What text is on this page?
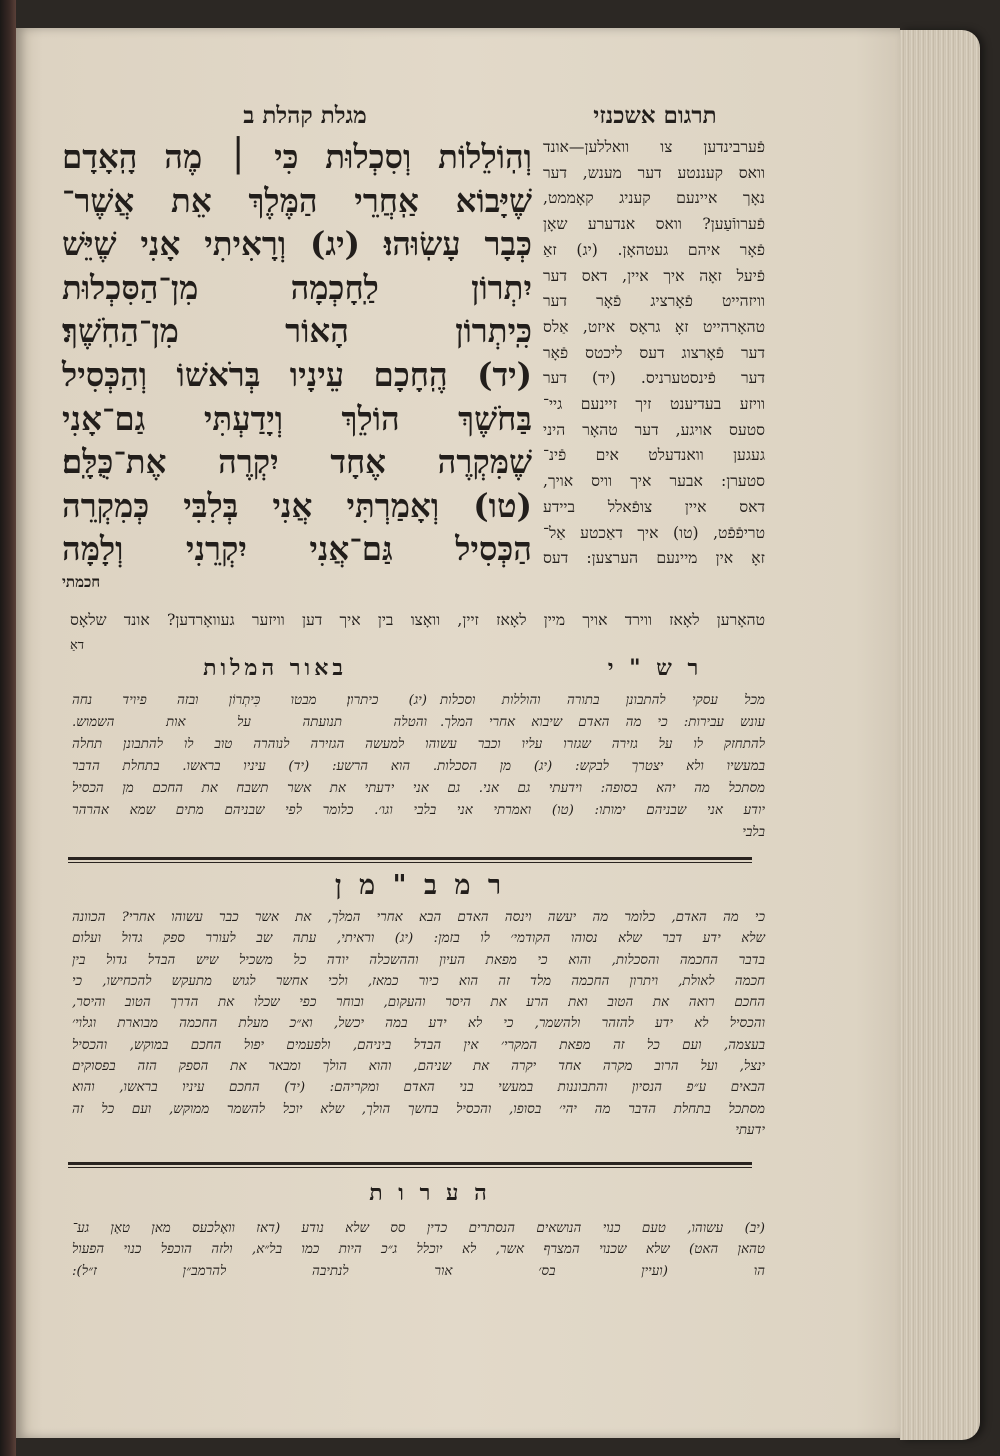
מגלת קהלת ב	תרגום אשכנזי
וְהֽוֹלֵלוֹת וְסִכְלוּת כִּי ׀ מֶה הָֽאָדָם
שֶׁיָּבוֹא אַֽחֲרֵי הַמֶּלֶךְ אֵת אֲשֶׁר־
כְּבָר עָשֽׂוּהוּ׃ (יג) וְרָאִיתִי אָנִי שֶׁיֵּשׁ
יִתְרוֹן לַֽחָכְמָה מִן־הַסִּכְלוּת
כִּֽיתְרוֹן הָאוֹר מִן־הַחֹֽשֶׁךְ׃
(יד) הֶֽחָכָם עֵינָיו בְּרֹאשׁוֹ וְהַכְּסִיל
בַּחֹשֶׁךְ הוֹלֵךְ וְיָדַעְתִּי גַם־אָנִי
שֶׁמִּקְרֶה אֶחָד יִקְרֶה אֶת־כֻּלָּֽם׃
(טו) וְאָמַרְתִּי אֲנִי בְּלִבִּי כְּמִקְרֵה
הַכְּסִיל גַּם־אֲנִי יִקְרֵנִי וְלָמָּה
חכמתי
פֿערבינדען צו וואללען—אונד
וואס קעננטע דער מענש, דער
נאָך איינעם קעניג קאָממט,
פֿערווֿעַען? וואס אנדערע שאָן
פֿאָר איהם געטהאָן. (יג) זאַ
פֿיעל זאָה איך איין, דאס דער
וויזהייט פֿאָרציג פֿאָר דער
טהאָרהייט זאָ גראָס איזט, אַלס
דער פֿאָרצוג דעס ליכטס פֿאָר
דער פֿינסטערניס. (יד) דער
וויזע בעדיענט זיך זיינעם גיי־
סטעס אויגע, דער טהאָר היני
געגען וואנדעלט אים פֿינ־
סטערן: אבער איך וויס אויך,
דאס איין צופֿאלל ביידע
טריפֿפֿט, (טו) איך דאַכטע אַל־
זאָ אין מיינעם הערצען: דעס
טהאָרען לאָאז ווירד אויך מיין לאָאז זיין, וואָצו בין איך דען וויזער געוואָרדען? אונד שלאָס
דאַ
ר ש " י
באור המלות
מכל עסקי להתבונן בתורה והוללות וסכלות
עונש עבירות: כי מה האדם שיבוא אחרי המלך.
(יג) כיתרון׃ מבטו כִּיתְרוֹן ובזה פיויד נחה
והטלה תנועתה על אות השמוש.
להתחזק לו על גזירה שגזרו עליו וכבר עשוהו למעשה הגזירה לנוהרה טוב לו להתבונן תחלה
במעשיו ולא יצטרך לבקש: (יג) מן הסכלות. הוא הרשע: (יד) עיניו בראשו. בתחלת הדבר
מסתכל מה יהא בסופה: וידעתי גם אני. גם אני ידעתי את אשר תשבח את החכם מן הכסיל
יודע אני שבניהם ימותו: (טו) ואמרתי אני בלבי וגו׳. כלומר לפי שבניהם מתים שמא אהרהר
בלבי
ר מ ב " מ ן
כי מה האדם, כלומר מה יעשה וינסה האדם הבא אחרי המלך, את אשר כבר עשוהו אחרי? הכוונה
שלא ידע דבר שלא נסוהו הקודמי׳ לו בזמן: (יג) וראיתי, עתה שב לעורר ספק גדול ועלום
בדבר החכמה והסכלות, והוא כי מפאת העיון וההשכלה יודה כל משכיל שיש הבדל גדול בין
חכמה לאולת, ויתרון החכמה מלד זה הוא כיור כמאז, ולכי אחשר לגוש מתעקש להכחישו, כי
החכם רואה את הטוב ואת הרע את היסר והעקום, ובוחר כפי שכלו את הדרך הטוב והיסר,
והכסיל לא ידע להזהר ולהשמר, כי לא ידע במה יכשל, וא״כ מעלת החכמה מבוארת וגלוי׳
בעצמה, ועם כל זה מפאת המקרי׳ אין הבדל ביניהם, ולפעמים יפול החכם במוקש, והכסיל
ינצל, ועל הרוב מקרה אחד יקרה את שניהם, והוא הולך ומבאר את הספק הזה בפסוקים
הבאים ע״פ הנסיון והתבוננות במעשי בני האדם ומקריהם: (יד) החכם עיניו בראשו, והוא
מסתכל בתחלת הדבר מה יהי׳ בסופו, והכסיל בחשך הולך, שלא יוכל להשמר ממוקש, ועם כל זה
ידעתי
ה ע ר ו ת
(יב) עשוהו, טעם כנוי הנושאים הנסתרים כדין סס שלא נודע (דאז וואָלכעס מאן טאָן גע־
טהאן האט) שלא שכנוי המצרף אשר, לא יוכלל ג״כ היות כמו בל״א, ולזה הוכפל כנוי הפעול
הו (ועיין בס׳ אור לנתיבה להרמב״ן ז״ל):
